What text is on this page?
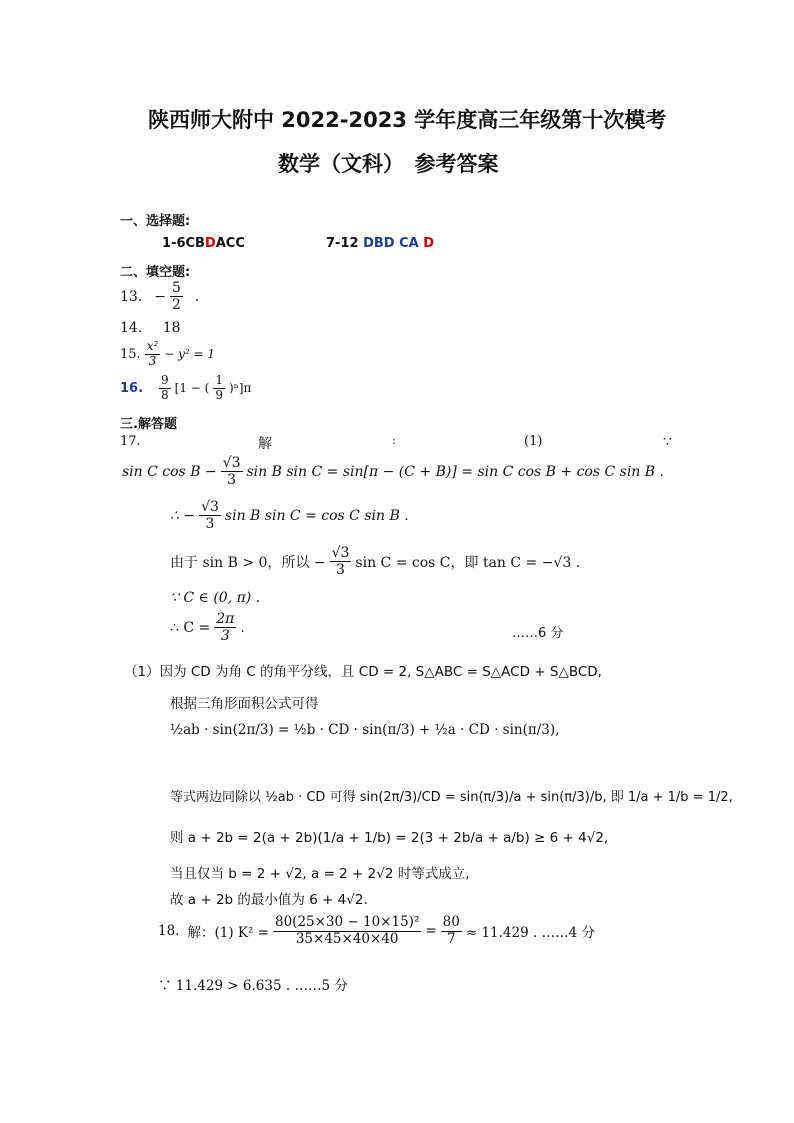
陕西师大附中 2022-2023 学年度高三年级第十次模考
数学（文科）　参考答案
一、选择题:
1-6CBDACC	7-12 DBD CA D
二、填空题:
13. − $\frac{5}{2}$ .
14. 18
15. $\frac{\text{x²}}{3} - y^2 = 1$
16. $\frac{9}{8} [1$ − ( $\frac{1}{9} )^n]\pi$
三.解答题
17.	解	:	(1)	∵
sin C $\cos B - \frac{√3}{3}$ sin B sin C = sin[π − (C + B)] = sin C cos B + cos C sin B .
∴ − $\frac{√3}{3}$ sin B sin C = cos C sin B .
由于 sin B > 0，所以 − $\frac{√3}{3}$ sin C = cos C，即 tan C = −√3 .
∵ C ∈ (0, π) .
∴ $C = \frac{2\pi}{3}$ .	……6 分
（1）因为 CD 为角 C 的角平分线，且 CD = 2, S△ABC = S△ACD + S△BCD,
根据三角形面积公式可得
½ab · sin(2π/3) = ½b · CD · sin(π/3) + ½a · CD · sin(π/3),
等式两边同除以 ½ab · CD 可得 sin(2π/3)/CD = sin(π/3)/a + sin(π/3)/b, 即 1/a + 1/b = 1/2,
则 a + 2b = 2(a + 2b)(1/a + 1/b) = 2(3 + 2b/a + a/b) ≥ 6 + 4√2,
当且仅当 b = 2 + √2, a = 2 + 2√2 时等式成立,
故 a + 2b 的最小值为 6 + 4√2.
18. 解：(1) $K^2 = \frac{\text{80(25×30 − 10×15)²}}{35\times 45\times 40\times 40} = \frac{80}{7} \approx 11.429$ . ……4 分
∵ 11.429 > 6.635 . ……5 分
